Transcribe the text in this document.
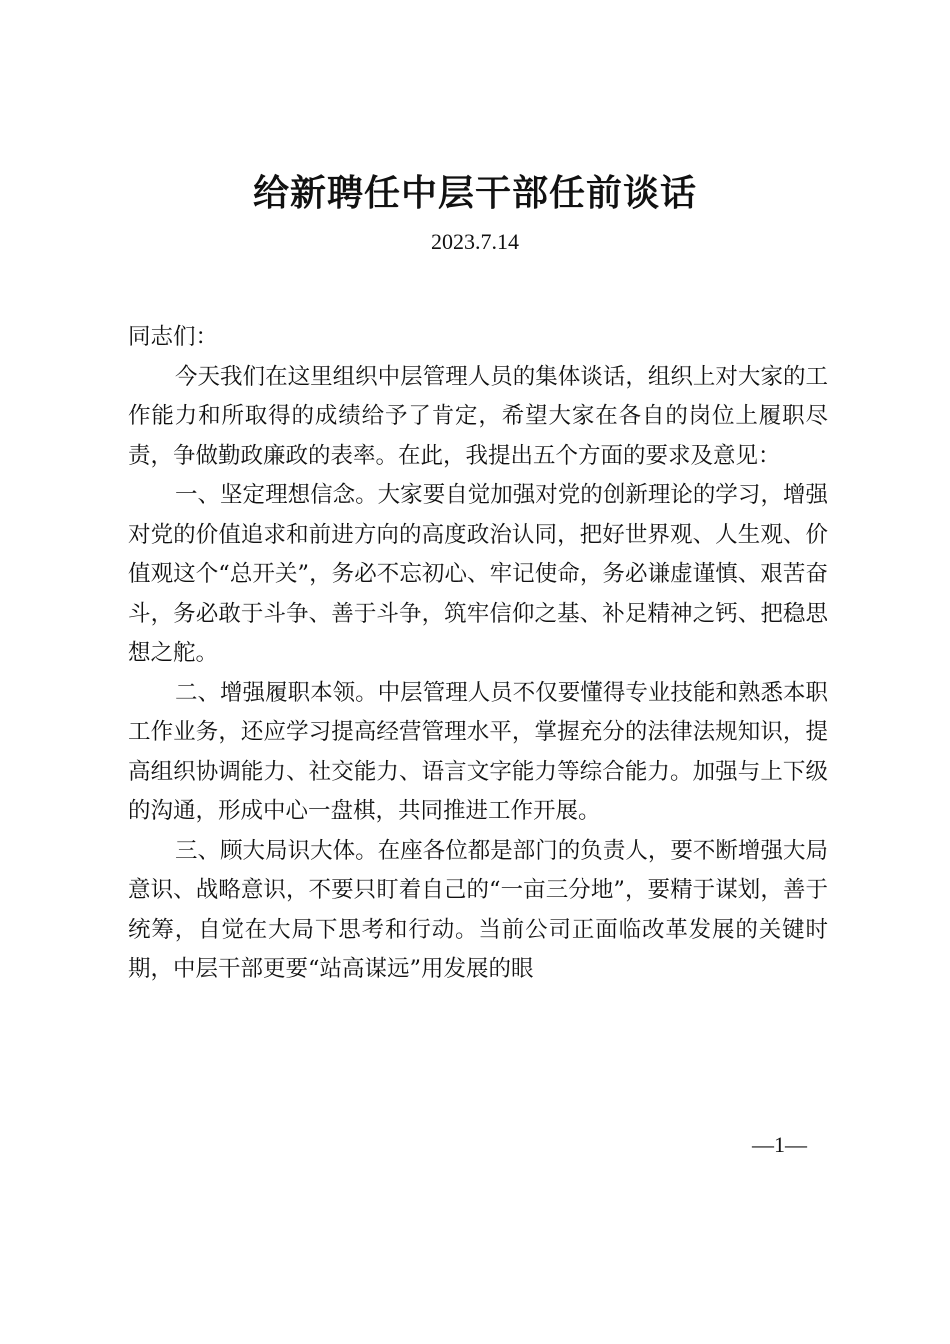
给新聘任中层干部任前谈话
2023.7.14

同志们：

今天我们在这里组织中层管理人员的集体谈话，组织上对大家的工作能力和所取得的成绩给予了肯定，希望大家在各自的岗位上履职尽责，争做勤政廉政的表率。在此，我提出五个方面的要求及意见：

一、坚定理想信念。大家要自觉加强对党的创新理论的学习，增强对党的价值追求和前进方向的高度政治认同，把好世界观、人生观、价值观这个“总开关”，务必不忘初心、牢记使命，务必谦虚谨慎、艰苦奋斗，务必敢于斗争、善于斗争，筑牢信仰之基、补足精神之钙、把稳思想之舵。

二、增强履职本领。中层管理人员不仅要懂得专业技能和熟悉本职工作业务，还应学习提高经营管理水平，掌握充分的法律法规知识，提高组织协调能力、社交能力、语言文字能力等综合能力。加强与上下级的沟通，形成中心一盘棋，共同推进工作开展。

三、顾大局识大体。在座各位都是部门的负责人，要不断增强大局意识、战略意识，不要只盯着自己的“一亩三分地”，要精于谋划，善于统筹，自觉在大局下思考和行动。当前公司正面临改革发展的关键时期，中层干部更要“站高谋远”用发展的眼

—1—
